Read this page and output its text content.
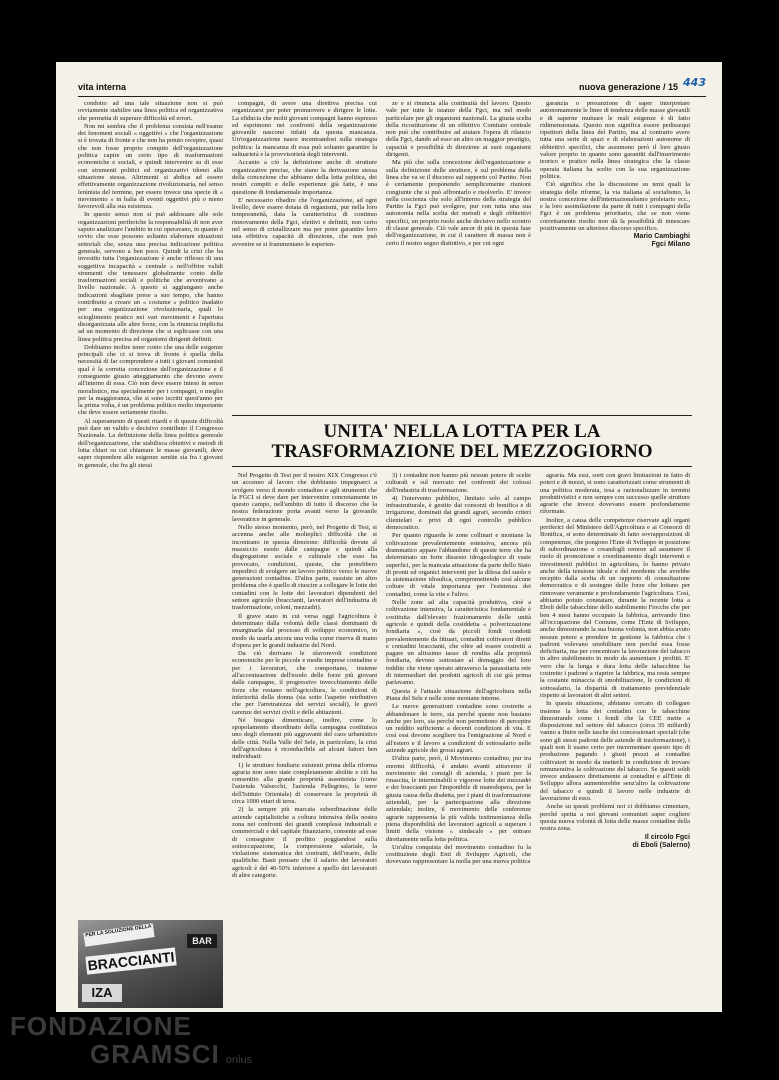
vita interna	nuova generazione / 15 443

condotto ad una tale situazione non si può ovviamente stabilire una linea politica ed organizzativa che permetta di superare difficoltà ed errori.

Non mi sembra che il problema consista nell'esame dei fenomeni sociali « oggettivi » che l'organizzazione si è trovata di fronte e che non ha potuto recepire, quasi che non fosse proprio compito dell'organizzazione politica capire un certo tipo di trasformazioni economiche e sociali, e quindi intervenire su di esse con strumenti politici ed organizzativi idonei alla situazione stessa. Altrimenti si abdica ad essere effettivamente organizzazione rivoluzionaria, nel senso leninista del termine, per essere invece una specie di « movimento » in balia di eventi oggettivi più o meno favorevoli alla sua esistenza.

In questo senso non si può addossare alle sole organizzazioni periferiche la responsabilità di non aver saputo analizzare l'ambito in cui operavano, in quanto è ovvio che esse possono soltanto elaborare situazioni settoriali che, senza una precisa indicazione politica generale, servono a ben poco. Quindi la crisi che ha investito tutta l'organizzazione è anche riflesso di una soggettiva incapacità « centrale » nell'offrire validi strumenti che tenessero globalmente conto delle trasformazioni sociali e politiche che avvenivano a livello nazionale. A questo si aggiungano anche indicazioni sbagliate prese a suo tempo, che hanno contribuito a creare un « costume » politico inadatto per una organizzazione rivoluzionaria, quali lo scioglimento pratico nei vari movimenti e l'apertura disorganizzata alle altre forze, con la rinuncia implicita ad un momento di direzione che si esplicasse con una linea politica precisa ed organismi dirigenti definiti.

Dobbiamo inoltre tener conto che una delle esigenze principali che ci si trova di fronte è quella della necessità di far comprendere a tutti i giovani comunisti qual è la corretta concezione dell'organizzazione e il conseguente giusto atteggiamento che devono avere all'interno di essa. Ciò non deve essere inteso in senso moralistico, ma specialmente per i compagni, o meglio per la maggioranza, che si sono iscritti quest'anno per la prima volta, è un problema politico molto importante che deve essere seriamente risolto.

Al superamento di questi ritardi e di queste difficoltà può dare un valido e decisivo contributo il Congresso Nazionale. La definizione della linea politica generale dell'organizzazione, che stabilisca obiettivi e metodi di lotta chiari su cui chiamare le masse giovanili, deve saper rispondere alle esigenze sentite sia fra i giovani in generale, che fra gli stessi

compagni, di avere una direttiva precisa cui organizzarsi per poter promuovere e dirigere le lotte. La sfiducia che molti giovani compagni hanno espresso ed esprimono nei confronti della organizzazione giovanile nascono infatti da questa mancanza. Un'organizzazione nasce incentrandosi sulla strategia politica: la mancanza di essa può soltanto garantire la saltuarietà e la provvisorietà degli interventi.

Accanto a ciò la definizione anche di strutture organizzative precise, che siano la derivazione stessa della concezione che abbiamo della lotta politica, dei nostri compiti e delle esperienze già fatte, è una questione di fondamentale importanza.

E' necessario ribadire che l'organizzazione, ad ogni livello, deve essere dotata di organismi, pur nella loro temporaneità, data la caratteristica di continuo rinnovamento della Fgci, elettivi e definiti, non certo nel senso di cristallizzare ma per poter garantire loro una effettiva capacità di direzione, che non può avvenire se si frammentano le esperien-

ze e si rinuncia alla continuità del lavoro. Questo vale per tutte le istanze della Fgci, ma nel modo particolare per gli organismi nazionali. La giusta scelta della ricostituzione di un effettivo Comitato centrale non può che contribuire ad aiutare l'opera di rilancio della Fgci, dando ad esso un altro un maggior prestigio, capacità e possibilità di direzione ai suoi organismi dirigenti.

Ma più che sulla concezione dell'organizzazione e sulla definizione delle strutture, è sul problema della linea che va se il discorso sul rapporto col Partito. Non è certamente proponendo semplicemente riunioni congiunte che si può affrontarlo e risolverlo. E' invece nella coscienza che solo all'interno della strategia del Partito la Fgci può svolgere, pur con tutta una sua autonomia nella scelta dei metodi e degli obbiettivi specifici, un proprio ruolo anche decisivo nello scontro di classe generale. Ciò vale ancor di più in questa fase dell'organizzazione, in cui il carattere di massa non è certo il nostro segno distintivo, e per cui ogni

garanzia o presunzione di saper interpretare autonomamente le linee di tendenza delle masse giovanili e di saperne mutuare le reali esigenze è di fatto ridimensionata. Questo non significa essere pedissequi ripetitori della linea del Partito, ma al contrario avere tutta una serie di spazi e di elaborazioni autonome di obbiettivi specifici, che assumono però il loro giusto valore proprio in quanto sono garantiti dall'inserimento teorico e pratico nella linea strategica che la classe operaia italiana ha scelto con la sua organizzazione politica.

Ciò significa che la discussione su temi quali la strategia delle riforme, la via italiana al socialismo, la nostra concezione dell'internazionalismo proletario ecc., e la loro assimilazione da parte di tutti i compagni della Fgci è un problema prioritario, che se non viene correttamente risolto non dà la possibilità di innescare positivamente un ulteriore discorso specifico.

Mario Cambiaghi
Fgci Milano
UNITA' NELLA LOTTA PER LA
TRASFORMAZIONE DEL MEZZOGIORNO

Nel Progetto di Tesi per il nostro XIX Congresso c'è un accenno al lavoro che dobbiamo impegnarci a svolgere verso il mondo contadino e agli strumenti che la FGCI si deve dare per intervenire concretamente in questo campo, nell'ambito di tutto il discorso che la nostra federazione porta avanti verso la giovanile lavoratrice in generale.

Nello stesso momento, però, nel Progetto di Tesi, si accenna anche alle molteplici difficoltà che si incontrano in questa direzione: difficoltà dovute al massiccio esodo dalle campagne e quindi alla disgregazione sociale e culturale che esso ha provocato, condizioni, queste, che potrebbero impedirci di svolgere un lavoro politico verso le nuove generazioni contadine. D'altra parte, sussiste un altro problema che è quello di riuscire a collegare le lotte dei contadini con le lotte dei lavoratori dipendenti del settore agricolo (braccianti, lavoratori dell'industria di trasformazione, coloni, mezzadri).

Il grave stato in cui versa oggi l'agricoltura è determinato dalla volontà delle classi dominanti di emarginarla dal processo di sviluppo economico, in modo da usarla ancora una volta come riserva di mano d'opera per le grandi industrie del Nord.

Da ciò derivano le sfavorevoli condizioni economiche per le piccole e medie imprese contadine e per i lavoratori, che comportano, insieme all'accentuazione dell'esodo delle forze più giovani dalle campagne, il progressivo invecchiamento delle forze che restano nell'agricoltura, le condizioni di inferiorità della donna (sia sotto l'aspetto retributivo che per l'arretratezza dei servizi sociali), le gravi carenze dei servizi civili e delle abitazioni.

Né bisogna dimenticare, inoltre, come lo spopolamento disordinato della campagna costituisca uno degli elementi più aggravanti del caos urbanistico delle città. Nella Valle del Sele, in particolare, la crisi dell'agricoltura è riconducibile ad alcuni fattori ben individuati:

1) le strutture fondiarie esistenti prima della riforma agraria non sono state completamente abolite e ciò ha consentito alla grande proprietà assenteista (come l'azienda Valsecchi, l'azienda Pellegrino, le terre dell'Istituto Orientale) di conservare la proprietà di circa 1000 ettari di terra.

2) la sempre più marcata subordinazione delle aziende capitalistiche a coltura intensiva della nostra zona nei confronti dei grandi complessi industriali e commerciali e del capitale finanziario, consente ad esse di conseguire il profitto poggiandosi sulla sottoccupazione, la compressione salariale, la violazione sistematica dei contratti, dell'orario, delle qualifiche. Basti pensare che il salario dei lavoratori agricoli è del 40-50% inferiore a quello dei lavoratori di altre categorie.

3) i contadini non hanno più nessun potere di scelte culturali e sul mercato nei confronti dei colossi dell'industria di trasformazione.

4) l'intervento pubblico, limitato solo al campo infrastrutturale, è gestito dai consorzi di bonifica e di irrigazione, dominati dai grandi agrari, secondo criteri clientelari e privi di ogni controllo pubblico democratico.

Per quanto riguarda le zone collinari e montane la coltivazione prevalentemente estensiva, ancora più drammatico appare l'abbandono di queste terre che ha determinato un forte dissesto idrogeologico di vaste superfici, per la mancata attuazione da parte dello Stato di pronti ed organici interventi per la difesa del suolo e la sistemazione idraulica, compromettendo così alcune colture di vitale importanza per l'esistenza dei contadini, come la vite e l'ulivo.

Nelle zone ad alta capacità produttiva, cioè a coltivazione intensiva, la caratteristica fondamentale è costituita dall'elevato frazionamento delle unità agricole e quindi della cosiddetta « polverizzazione fondiaria », cioè da piccoli fondi condotti prevalentemente da fittuari, contadini coltivatori diretti e contadini braccianti, che oltre ad essere costretti a pagare un altissimo tasso di rendita alla proprietà fondiaria, devono sottostare al drenaggio del loro reddito che viene operato attraverso la parassitaria rete di intermediari dei prodotti agricoli di cui già prima parlavamo.

Questa è l'attuale situazione dell'agricoltura nella Piana del Sele e nelle zone montane interne.

Le nuove generazioni contadine sono costrette a abbandonare le terre, sia perché queste non bastano anche per loro, sia perché non permettono di percepire un reddito sufficiente a decenti condizioni di vita. E così essi devono scegliere tra l'emigrazione al Nord e all'estero e il lavoro a condizioni di sottosalario nelle aziende agricole dei grossi agrari.

D'altra parte, però, il Movimento contadino, pur tra enormi difficoltà, è andato avanti attraverso il movimento dei consigli di azienda, i piani per la rinascita, le interminabili e vigorose lotte dei mezzadri e dei braccianti per l'imponibile di manodopera, per la giusta causa della disdetta, per i piani di trasformazione aziendali, per la partecipazione alla direzione aziendale; inoltre, il movimento delle conferenze agrarie rappresenta la più valida testimonianza della piena disponibilità dei lavoratori agricoli a superare i limiti della visione « sindacale » per entrare direttamente nella lotta politica.

Un'altra conquista del movimento contadino fu la costituzione degli Enti di Sviluppo Agricoli, che dovevano rappresentare la molla per una nuova politica

agraria. Ma essi, sorti con gravi limitazioni in fatto di poteri e di mezzi, si sono caratterizzati come strumenti di una politica moderata, tesa a razionalizzare in termini produttivistici e non sempre con successo quelle strutture agrarie che invece dovevano essere profondamente riformate.

Inoltre, a causa delle competenze riservate agli organi periferici del Ministero dell'Agricoltura e ai Consorzi di Bonifica, si sono determinate di fatto sovrapposizioni di competenze, che pongono l'Ente di Sviluppo in posizione di subordinazione e creandogli remore ad assumere il ruolo di promozione e coordinamento degli interventi e investimenti pubblici in agricoltura, lo hanno privato anche della tensione ideale e del mordente che avrebbe recepito dalla scelta di un rapporto di consultazione democratica e di sostegno delle forze che lottano per rinnovare veramente e profondamente l'agricoltura. Così, abbiamo potuto constatare, durante la recente lotta a Eboli delle tabacchine dello stabilimento Fiocche che per ben 4 mesi hanno occupato la fabbrica, arrivando fino all'occupazione del Comune, come l'Ente di Sviluppo, anche dimostrando la sua buona volontà, non abbia avuto nessun potere a prendere in gestione la fabbrica che i padroni volevano smobilitare non perché essa fosse deficitaria, ma per concentrare la lavorazione del tabacco in altro stabilimento in modo da aumentare i profitti. E' vero che la lunga e dura lotta delle tabacchine ha costretto i padroni a riaprire la fabbrica, ma resta sempre la costante minaccia di smobilitazione, le condizioni di sottosalario, la disparità di trattamento previdenziale rispetto ai lavoratori di altri settori.

In questa situazione, abbiamo cercato di collegare insieme la lotta dei contadini con le tabacchine dimostrando come i fondi che la CEE mette a disposizione nel settore del tabacco (circa 35 miliardi) vanno a finire nelle tasche dei concessionari speciali (che sono gli stessi padroni delle aziende di trasformazione), i quali non li usano certo per incrementare questo tipo di produzione pagando i giusti prezzi ai contadini coltivatori in modo da metterli in condizione di trovare remunerativa la coltivazione del tabacco. Se questi soldi invece andassero direttamente ai contadini e all'Ente di Sviluppo allora aumenterebbe senz'altro la coltivazione del tabacco e quindi il lavoro nelle industrie di lavorazione di esso.

Anche su questi problemi noi ci dobbiamo cimentare, perché spetta a noi giovani comunisti saper cogliere questa nuova volontà di lotta delle masse contadine della nostra zona.

Il circolo Fgci
di Eboli (Salerno)
PER LA SOLUZIONE DELLA
BAR
BRACCIANTI
IZA
FONDAZIONE
GRAMSCI onlus
